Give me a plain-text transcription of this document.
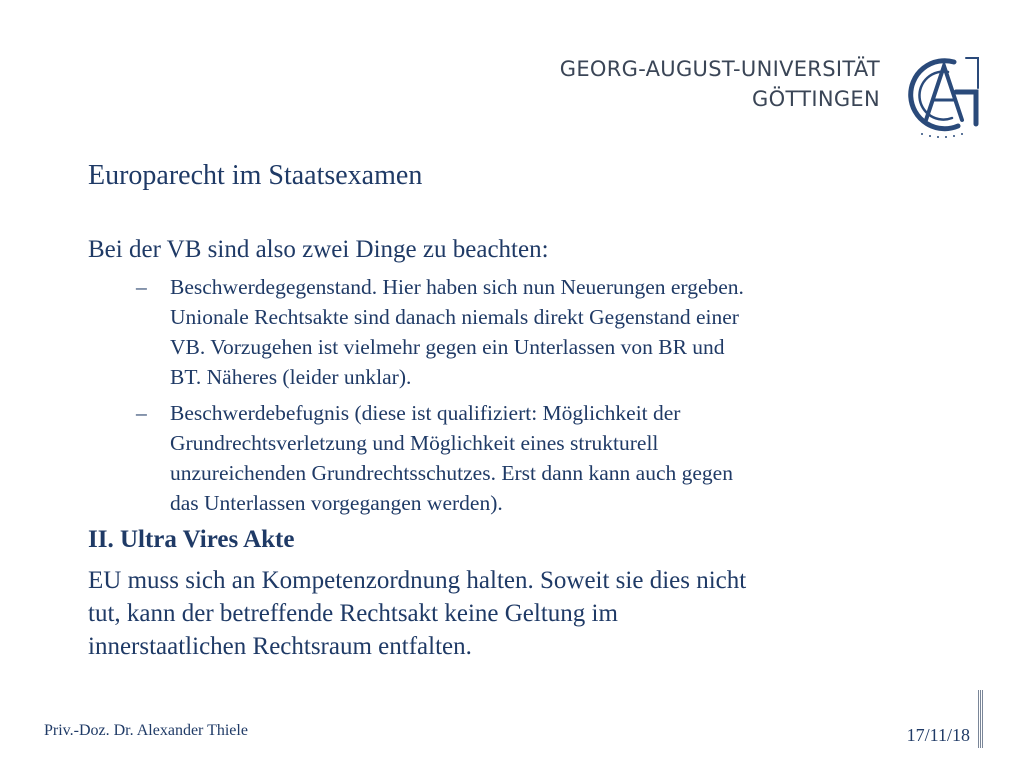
GEORG-AUGUST-UNIVERSITÄT
GÖTTINGEN
Europarecht im Staatsexamen
Bei der VB sind also zwei Dinge zu beachten:
– Beschwerdegegenstand. Hier haben sich nun Neuerungen ergeben.
Unionale Rechtsakte sind danach niemals direkt Gegenstand einer
VB. Vorzugehen ist vielmehr gegen ein Unterlassen von BR und
BT. Näheres (leider unklar).
– Beschwerdebefugnis (diese ist qualifiziert: Möglichkeit der
Grundrechtsverletzung und Möglichkeit eines strukturell
unzureichenden Grundrechtsschutzes. Erst dann kann auch gegen
das Unterlassen vorgegangen werden).
II. Ultra Vires Akte
EU muss sich an Kompetenzordnung halten. Soweit sie dies nicht
tut, kann der betreffende Rechtsakt keine Geltung im
innerstaatlichen Rechtsraum entfalten.
Priv.-Doz. Dr. Alexander Thiele	17/11/18
